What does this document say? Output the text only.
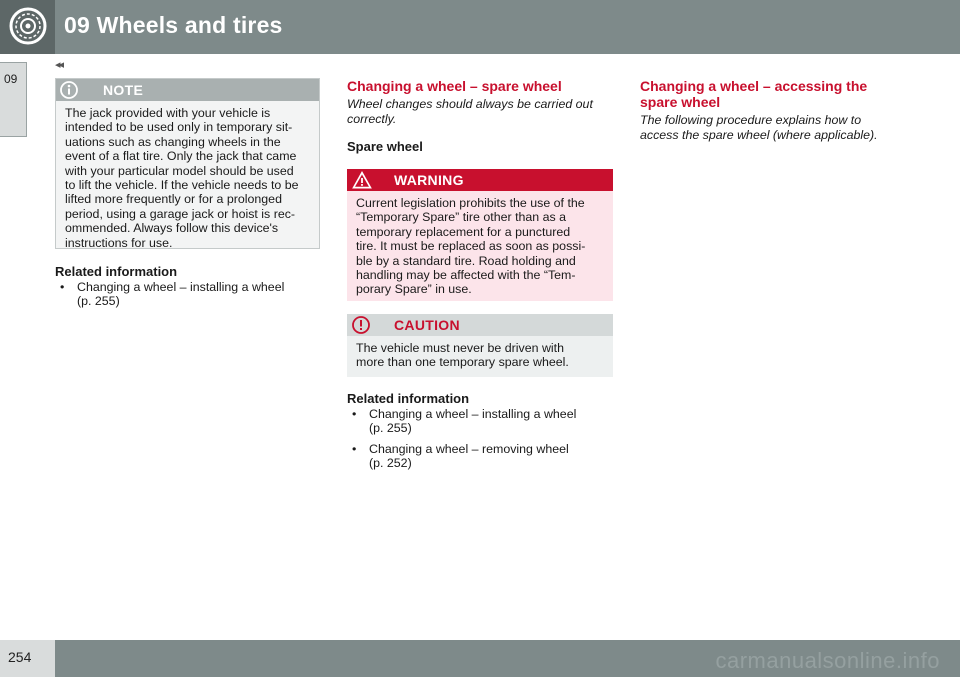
09 Wheels and tires
◂◂
09
NOTE
The jack provided with your vehicle is
intended to be used only in temporary sit-
uations such as changing wheels in the
event of a flat tire. Only the jack that came
with your particular model should be used
to lift the vehicle. If the vehicle needs to be
lifted more frequently or for a prolonged
period, using a garage jack or hoist is rec-
ommended. Always follow this device's
instructions for use.
Related information
• Changing a wheel – installing a wheel
(p. 255)
Changing a wheel – spare wheel
Wheel changes should always be carried out
correctly.
Spare wheel
WARNING
Current legislation prohibits the use of the
“Temporary Spare” tire other than as a
temporary replacement for a punctured
tire. It must be replaced as soon as possi-
ble by a standard tire. Road holding and
handling may be affected with the “Tem-
porary Spare” in use.
CAUTION
The vehicle must never be driven with
more than one temporary spare wheel.
Related information
• Changing a wheel – installing a wheel
(p. 255)
• Changing a wheel – removing wheel
(p. 252)
Changing a wheel – accessing the
spare wheel
The following procedure explains how to
access the spare wheel (where applicable).
254	carmanualsonline.info
